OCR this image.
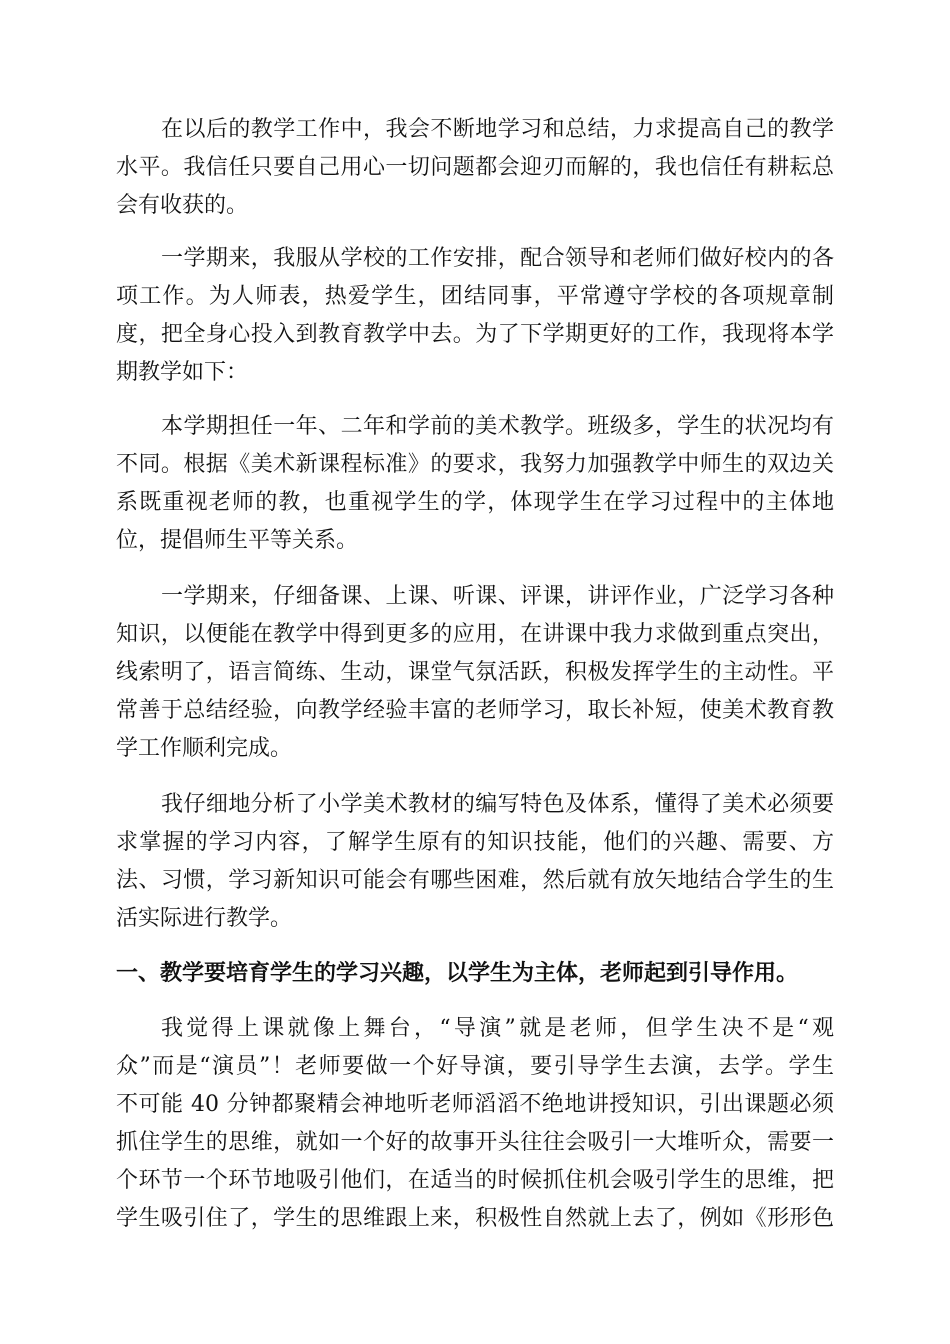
在以后的教学工作中，我会不断地学习和总结，力求提高自己的教学
水平。我信任只要自己用心一切问题都会迎刃而解的，我也信任有耕耘总
会有收获的。
一学期来，我服从学校的工作安排，配合领导和老师们做好校内的各
项工作。为人师表，热爱学生，团结同事，平常遵守学校的各项规章制
度，把全身心投入到教育教学中去。为了下学期更好的工作，我现将本学
期教学如下：
本学期担任一年、二年和学前的美术教学。班级多，学生的状况均有
不同。根据《美术新课程标准》的要求，我努力加强教学中师生的双边关
系既重视老师的教，也重视学生的学，体现学生在学习过程中的主体地
位，提倡师生平等关系。
一学期来，仔细备课、上课、听课、评课，讲评作业，广泛学习各种
知识，以便能在教学中得到更多的应用，在讲课中我力求做到重点突出，
线索明了，语言简练、生动，课堂气氛活跃，积极发挥学生的主动性。平
常善于总结经验，向教学经验丰富的老师学习，取长补短，使美术教育教
学工作顺利完成。
我仔细地分析了小学美术教材的编写特色及体系，懂得了美术必须要
求掌握的学习内容，了解学生原有的知识技能，他们的兴趣、需要、方
法、习惯，学习新知识可能会有哪些困难，然后就有放矢地结合学生的生
活实际进行教学。
一、教学要培育学生的学习兴趣，以学生为主体，老师起到引导作用。
我觉得上课就像上舞台，“导演”就是老师，但学生决不是“观
众”而是“演员”！老师要做一个好导演，要引导学生去演，去学。学生
不可能 40 分钟都聚精会神地听老师滔滔不绝地讲授知识，引出课题必须
抓住学生的思维，就如一个好的故事开头往往会吸引一大堆听众，需要一
个环节一个环节地吸引他们，在适当的时候抓住机会吸引学生的思维，把
学生吸引住了，学生的思维跟上来，积极性自然就上去了，例如《形形色
